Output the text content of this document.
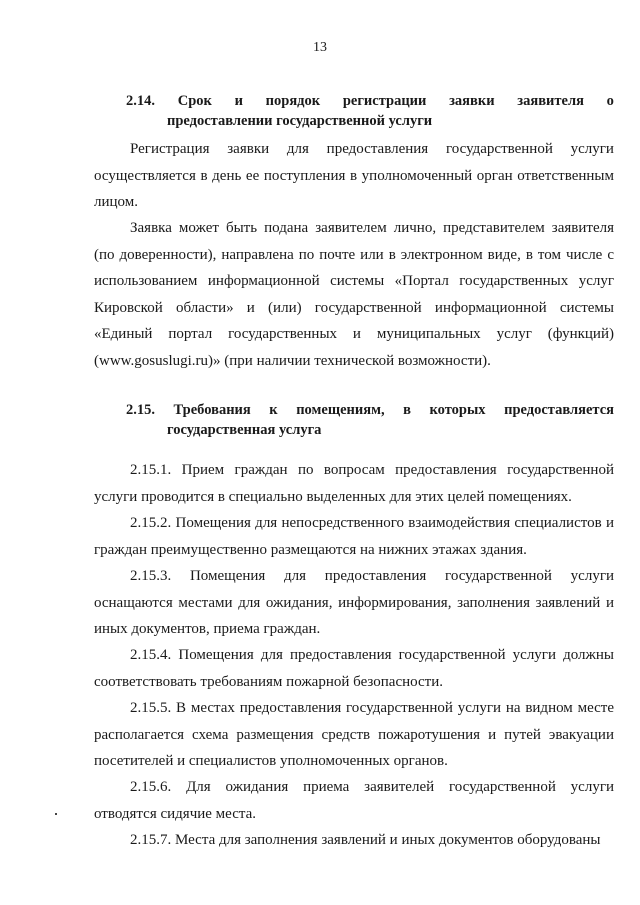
13
2.14. Срок и порядок регистрации заявки заявителя о
предоставлении государственной услуги
Регистрация заявки для предоставления государственной услуги
осуществляется в день ее поступления в уполномоченный орган ответственным лицом.
Заявка может быть подана заявителем лично, представителем заявителя (по доверенности), направлена по почте или в электронном виде, в том числе с использованием информационной системы «Портал государственных услуг Кировской области» и (или) государственной информационной системы «Единый портал государственных и муниципальных услуг (функций) (www.gosuslugi.ru)» (при наличии технической возможности).
2.15. Требования к помещениям, в которых предоставляется
государственная услуга
2.15.1. Прием граждан по вопросам предоставления государственной услуги проводится в специально выделенных для этих целей помещениях.
2.15.2. Помещения для непосредственного взаимодействия специалистов и граждан преимущественно размещаются на нижних этажах здания.
2.15.3. Помещения для предоставления государственной услуги
оснащаются местами для ожидания, информирования, заполнения заявлений и иных документов, приема граждан.
2.15.4. Помещения для предоставления государственной услуги должны соответствовать требованиям пожарной безопасности.
2.15.5. В местах предоставления государственной услуги на видном месте располагается схема размещения средств пожаротушения и путей эвакуации посетителей и специалистов уполномоченных органов.
2.15.6. Для ожидания приема заявителей государственной услуги
отводятся сидячие места.
2.15.7. Места для заполнения заявлений и иных документов оборудованы
